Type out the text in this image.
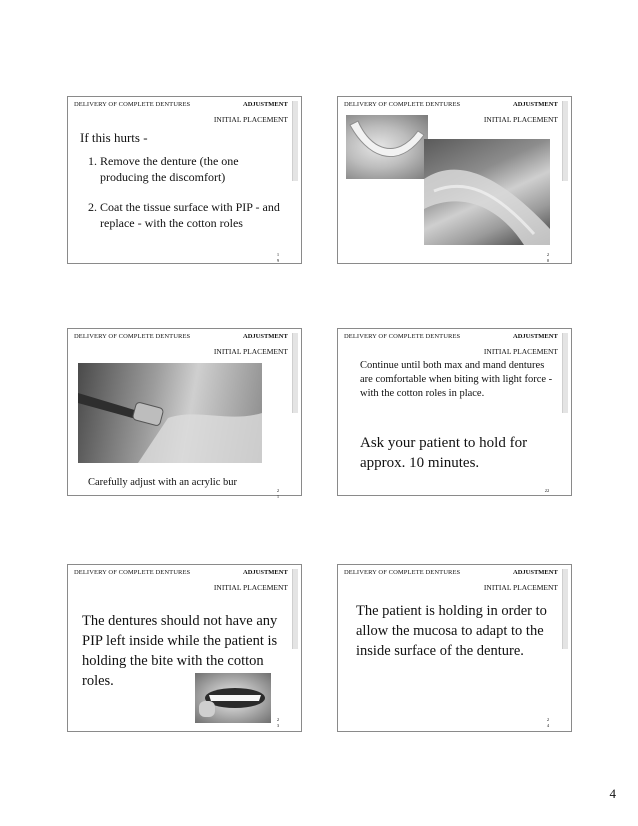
DELIVERY OF COMPLETE DENTURES	ADJUSTMENT
INITIAL PLACEMENT
If this hurts -
1. Remove the denture (the one producing the discomfort)
2. Coat the tissue surface with PIP - and replace - with the cotton roles
1
9
DELIVERY OF COMPLETE DENTURES	ADJUSTMENT
INITIAL PLACEMENT
2
0
DELIVERY OF COMPLETE DENTURES	ADJUSTMENT
INITIAL PLACEMENT
Carefully adjust with an acrylic bur
2
1
DELIVERY OF COMPLETE DENTURES	ADJUSTMENT
INITIAL PLACEMENT
Continue until both max and mand dentures are comfortable when biting with light force - with the cotton roles in place.
Ask your patient to hold for approx. 10 minutes.
22
DELIVERY OF COMPLETE DENTURES	ADJUSTMENT
INITIAL PLACEMENT
The dentures should not have any PIP left inside while the patient is holding the bite with the cotton roles.
2
3
DELIVERY OF COMPLETE DENTURES	ADJUSTMENT
INITIAL PLACEMENT
The patient is holding in order to allow the mucosa to adapt to the inside surface of the denture.
2
4
4
